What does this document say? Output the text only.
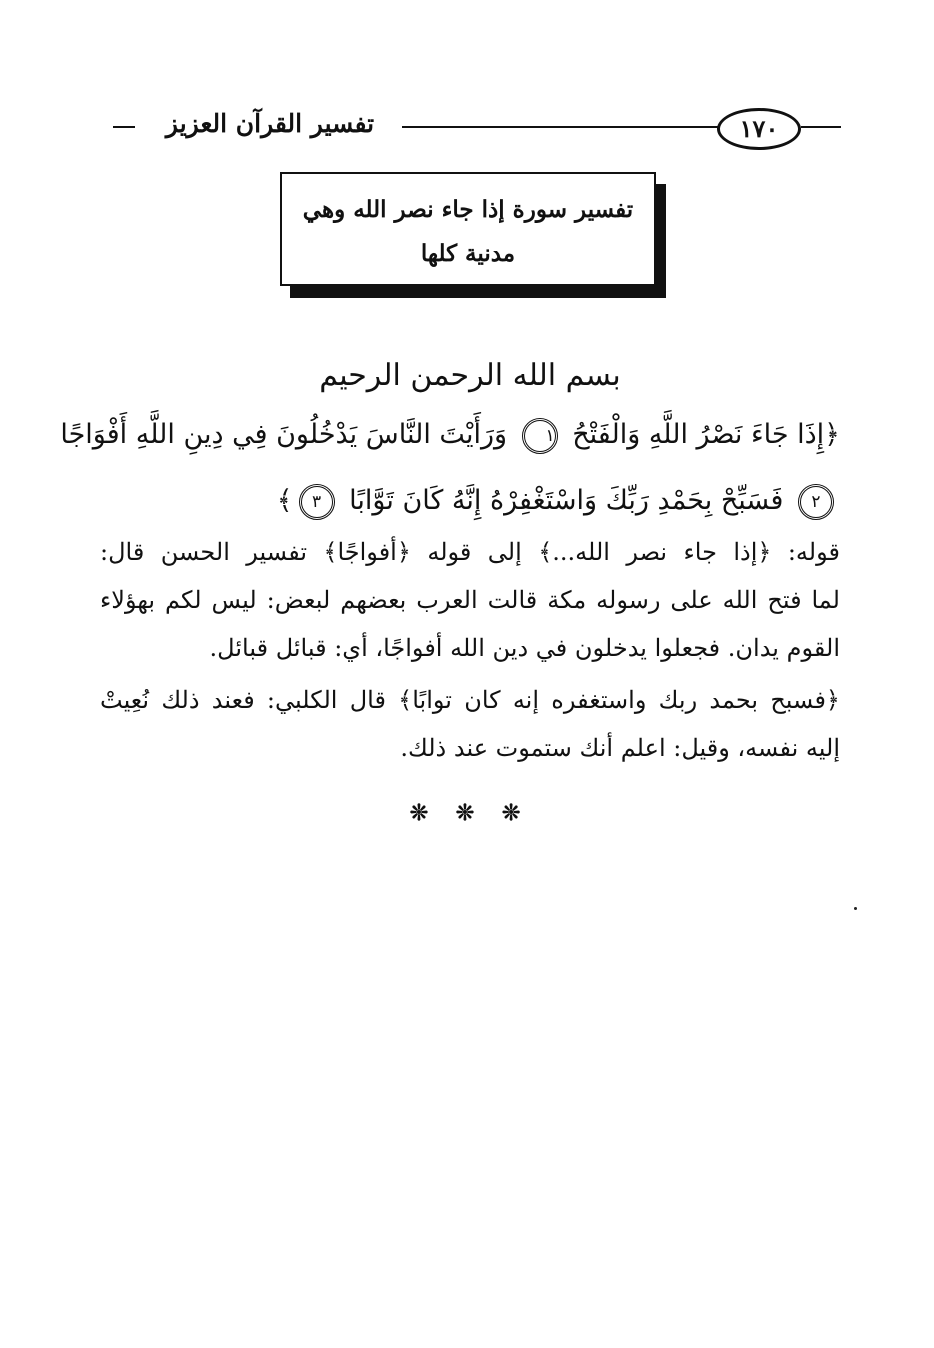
تفسير القرآن العزيز	١٧٠
تفسير سورة إذا جاء نصر الله وهي
مدنية كلها
بسم الله الرحمن الرحيم
﴿إِذَا جَاءَ نَصْرُ اللَّهِ وَالْفَتْحُ ١ وَرَأَيْتَ النَّاسَ يَدْخُلُونَ فِي دِينِ اللَّهِ أَفْوَاجًا
٢ فَسَبِّحْ بِحَمْدِ رَبِّكَ وَاسْتَغْفِرْهُ إِنَّهُ كَانَ تَوَّابًا ٣﴾
قوله: ﴿إذا جاء نصر الله...﴾ إلى قوله ﴿أفواجًا﴾ تفسير الحسن قال:
لما فتح الله على رسوله مكة قالت العرب بعضهم لبعض: ليس لكم بهؤلاء
القوم يدان. فجعلوا يدخلون في دين الله أفواجًا، أي: قبائل قبائل.
﴿فسبح بحمد ربك واستغفره إنه كان توابًا﴾ قال الكلبي: فعند ذلك نُعِيتْ
إليه نفسه، وقيل: اعلم أنك ستموت عند ذلك.
❊ ❊ ❊
